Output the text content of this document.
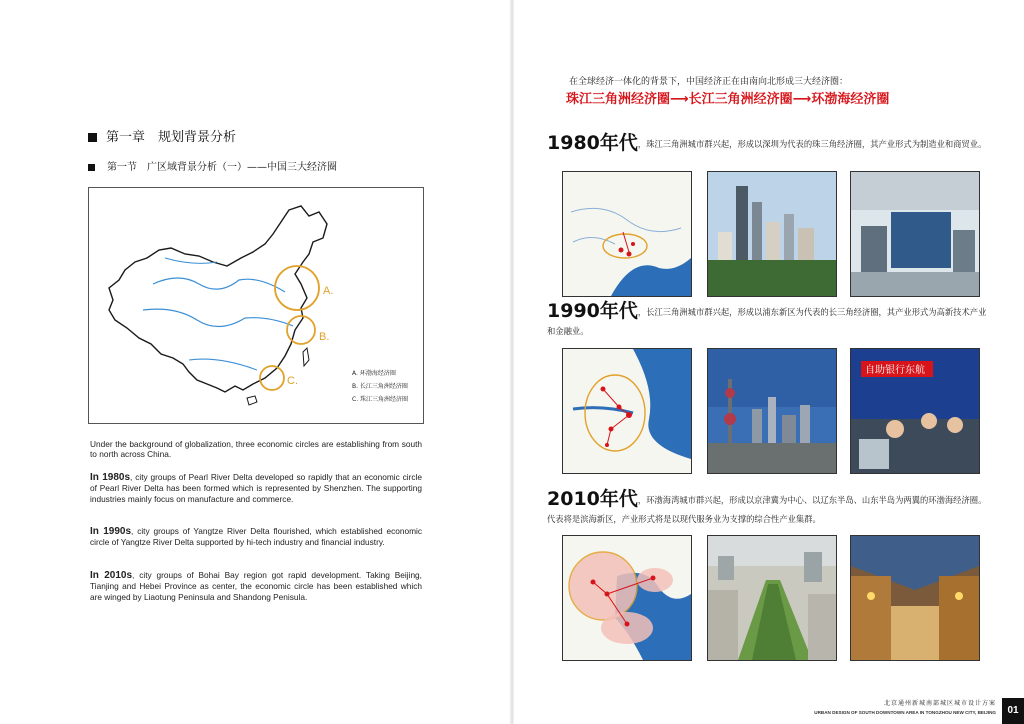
第一章　规划背景分析
第一节　广区域背景分析（一）——中国三大经济圈
A.
B.
C.
A. 环渤海经济圈
B. 长江三角洲经济圈
C. 珠江三角洲经济圈

Under the background of globalization, three economic circles are establishing from south to north across China.

In 1980s, city groups of Pearl River Delta developed so rapidly that an economic circle of Pearl River Delta has been formed which is represented by Shenzhen. The supporting industries mainly focus on manufacture and commerce.

In 1990s, city groups of Yangtze River Delta flourished, which established economic circle of Yangtze River Delta supported by hi-tech industry and financial industry.

In 2010s, city groups of Bohai Bay region got rapid development. Taking Beijing, Tianjing and Hebei Province as center, the economic circle has been established which are winged by Liaotung Peninsula and Shandong Penisula.

在全球经济一体化的背景下，中国经济正在由南向北形成三大经济圈：
珠江三角洲经济圈⟶长江三角洲经济圈⟶环渤海经济圈
1980年代，珠江三角洲城市群兴起，形成以深圳为代表的珠三角经济圈，其产业形式为制造业和商贸业。
1990年代，长江三角洲城市群兴起，形成以浦东新区为代表的长三角经济圈，其产业形式为高新技术产业和金融业。
自助银行东航
2010年代，环渤海湾城市群兴起，形成以京津冀为中心、以辽东半岛、山东半岛为两翼的环渤海经济圈。代表将是滨海新区，产业形式将是以现代服务业为支撑的综合性产业集群。
北京通州新城南部城区城市设计方案
URBAN DESIGN OF SOUTH DOWNTOWN AREA IN TONGZHOU NEW CITY, BEIJING	01
